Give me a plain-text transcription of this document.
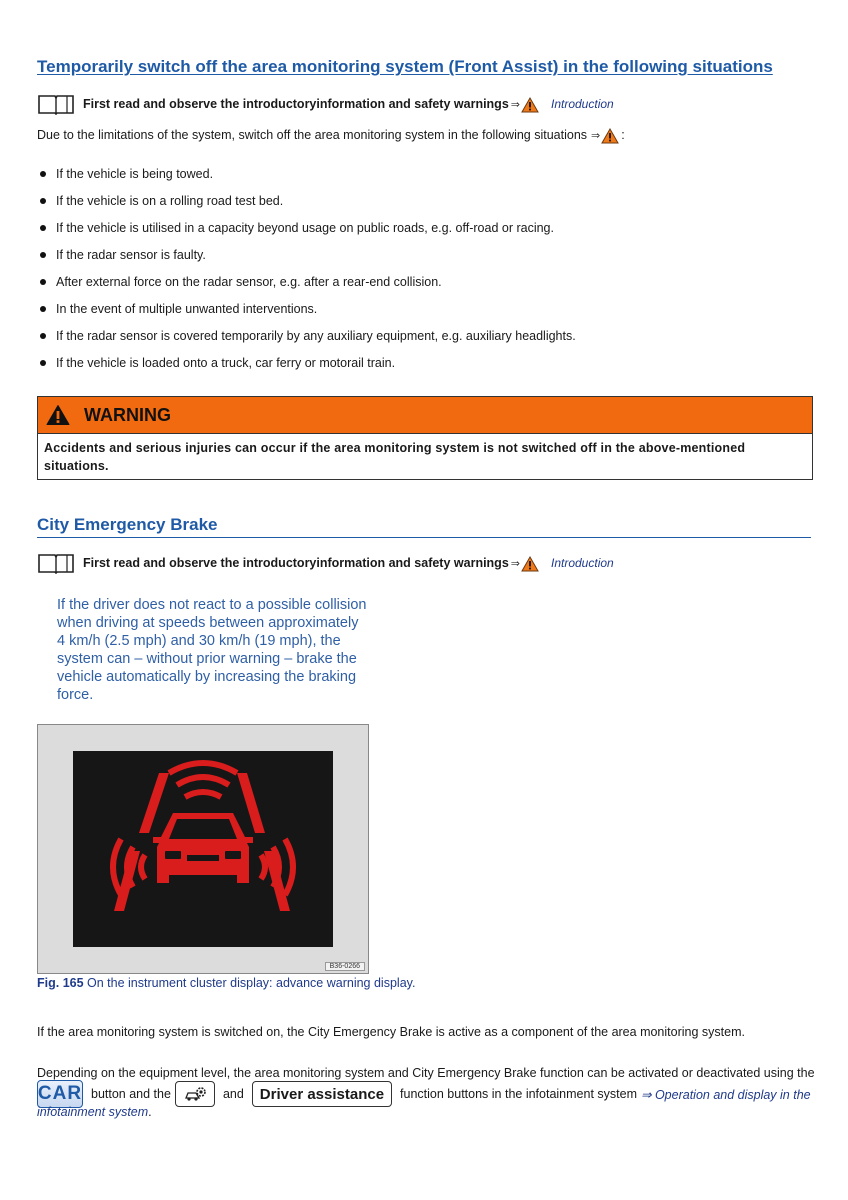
Temporarily switch off the area monitoring system (Front Assist) in the following situations
First read and observe the introductoryinformation and safety warnings ⇒	Introduction
Due to the limitations of the system, switch off the area monitoring system in the following situations ⇒ :
If the vehicle is being towed.
If the vehicle is on a rolling road test bed.
If the vehicle is utilised in a capacity beyond usage on public roads, e.g. off-road or racing.
If the radar sensor is faulty.
After external force on the radar sensor, e.g. after a rear-end collision.
In the event of multiple unwanted interventions.
If the radar sensor is covered temporarily by any auxiliary equipment, e.g. auxiliary headlights.
If the vehicle is loaded onto a truck, car ferry or motorail train.
WARNING
Accidents and serious injuries can occur if the area monitoring system is not switched off in the above-mentioned situations.
City Emergency Brake
First read and observe the introductoryinformation and safety warnings ⇒	Introduction
If the driver does not react to a possible collision when driving at speeds between approximately 4 km/h (2.5 mph) and 30 km/h (19 mph), the system can – without prior warning – brake the vehicle automatically by increasing the braking force.
B36-0266
Fig. 165 On the instrument cluster display: advance warning display.
If the area monitoring system is switched on, the City Emergency Brake is active as a component of the area monitoring system.
Depending on the equipment level, the area monitoring system and City Emergency Brake function can be activated or deactivated using the
CAR button and the	and	Driver assistance	function buttons in the infotainment system ⇒ Operation and display in the
infotainment system.
